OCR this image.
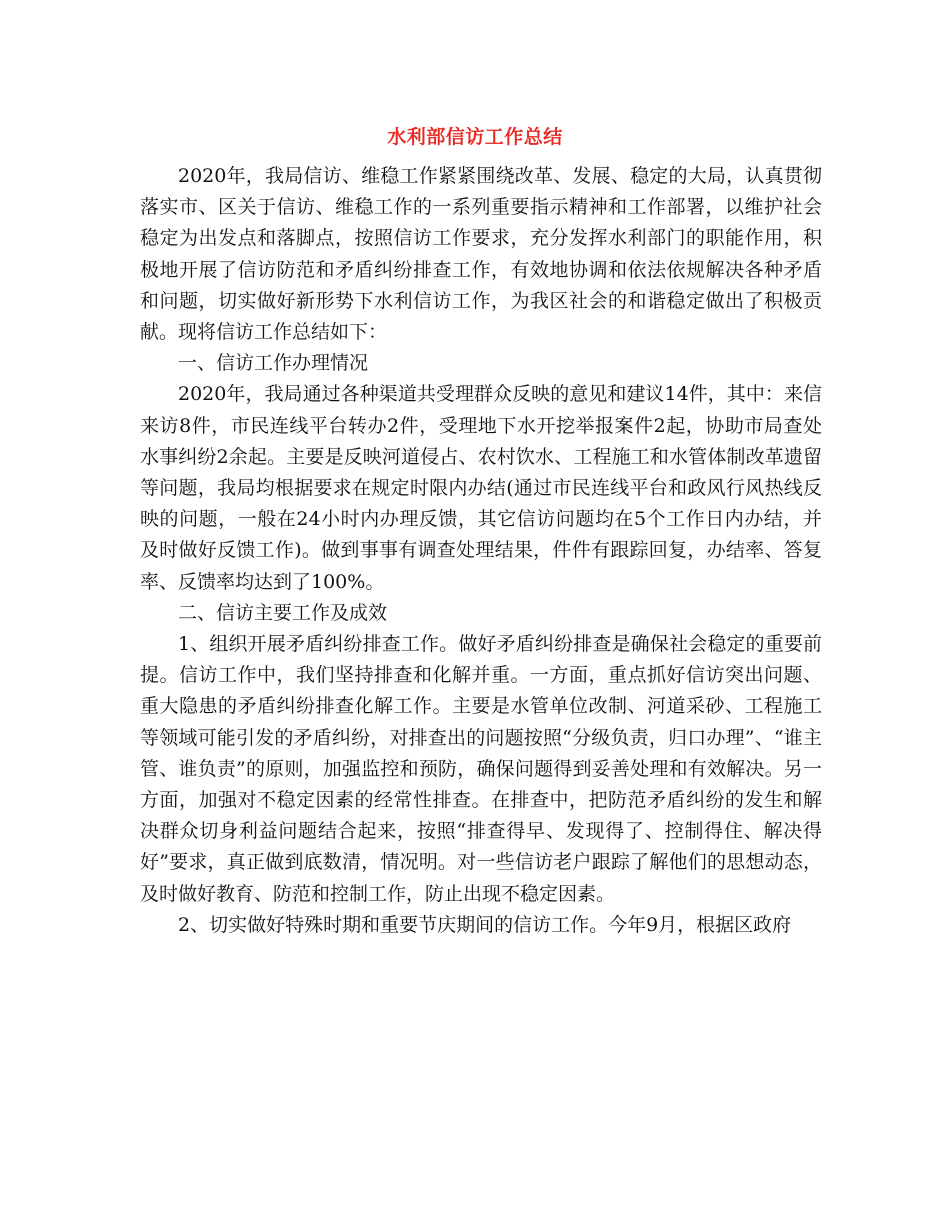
水利部信访工作总结

2020年，我局信访、维稳工作紧紧围绕改革、发展、稳定的大局，认真贯彻落实市、区关于信访、维稳工作的一系列重要指示精神和工作部署，以维护社会稳定为出发点和落脚点，按照信访工作要求，充分发挥水利部门的职能作用，积极地开展了信访防范和矛盾纠纷排查工作，有效地协调和依法依规解决各种矛盾和问题，切实做好新形势下水利信访工作，为我区社会的和谐稳定做出了积极贡献。现将信访工作总结如下：

一、信访工作办理情况

2020年，我局通过各种渠道共受理群众反映的意见和建议14件，其中：来信来访8件，市民连线平台转办2件，受理地下水开挖举报案件2起，协助市局查处水事纠纷2余起。主要是反映河道侵占、农村饮水、工程施工和水管体制改革遗留等问题，我局均根据要求在规定时限内办结(通过市民连线平台和政风行风热线反映的问题，一般在24小时内办理反馈，其它信访问题均在5个工作日内办结，并及时做好反馈工作)。做到事事有调查处理结果，件件有跟踪回复，办结率、答复率、反馈率均达到了100%。

二、信访主要工作及成效

1、组织开展矛盾纠纷排查工作。做好矛盾纠纷排查是确保社会稳定的重要前提。信访工作中，我们坚持排查和化解并重。一方面，重点抓好信访突出问题、重大隐患的矛盾纠纷排查化解工作。主要是水管单位改制、河道采砂、工程施工等领域可能引发的矛盾纠纷，对排查出的问题按照“分级负责，归口办理”、“谁主管、谁负责”的原则，加强监控和预防，确保问题得到妥善处理和有效解决。另一方面，加强对不稳定因素的经常性排查。在排查中，把防范矛盾纠纷的发生和解决群众切身利益问题结合起来，按照“排查得早、发现得了、控制得住、解决得好”要求，真正做到底数清，情况明。对一些信访老户跟踪了解他们的思想动态，及时做好教育、防范和控制工作，防止出现不稳定因素。

2、切实做好特殊时期和重要节庆期间的信访工作。今年9月，根据区政府
